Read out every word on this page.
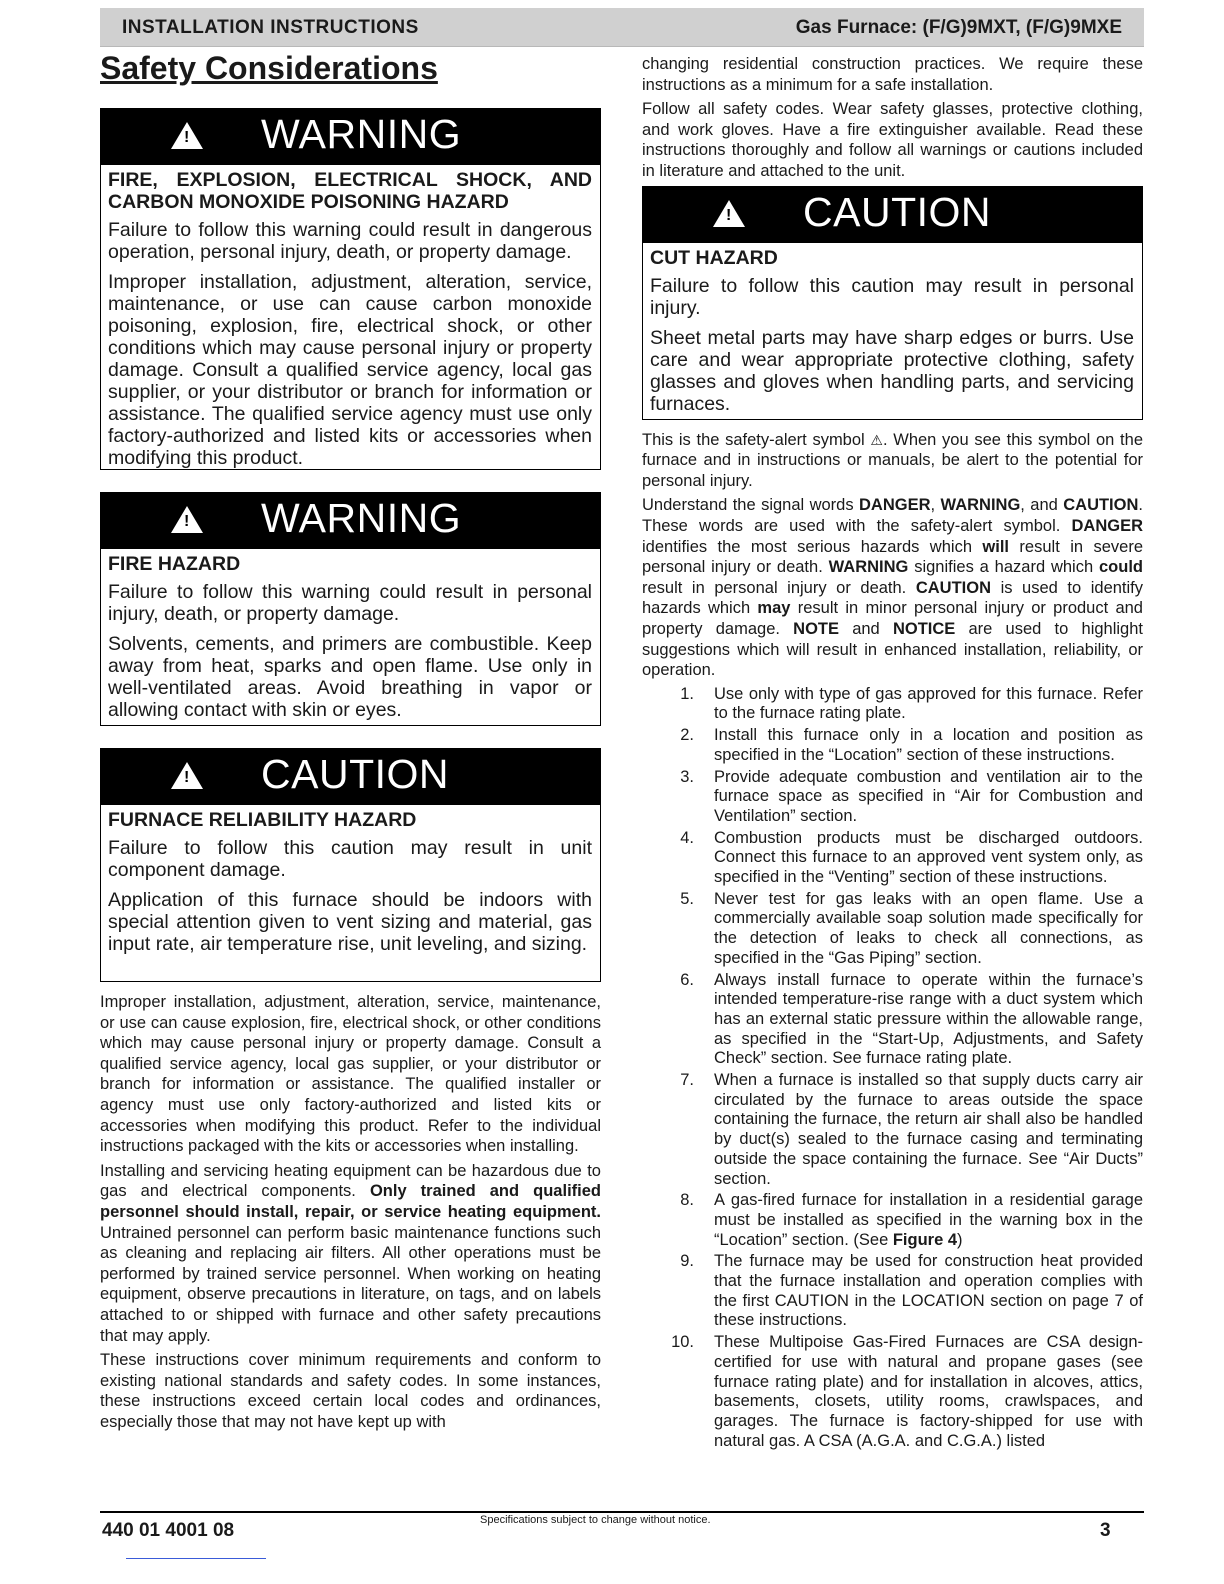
INSTALLATION INSTRUCTIONS	Gas Furnace: (F/G)9MXT, (F/G)9MXE
Safety Considerations
!
WARNING

FIRE, EXPLOSION, ELECTRICAL SHOCK, AND CARBON MONOXIDE POISONING HAZARD

Failure to follow this warning could result in dangerous operation, personal injury, death, or property damage.

Improper installation, adjustment, alteration, service, maintenance, or use can cause carbon monoxide poisoning, explosion, fire, electrical shock, or other conditions which may cause personal injury or property damage. Consult a qualified service agency, local gas supplier, or your distributor or branch for information or assistance. The qualified service agency must use only factory-authorized and listed kits or accessories when modifying this product.

!
WARNING

FIRE HAZARD

Failure to follow this warning could result in personal injury, death, or property damage.

Solvents, cements, and primers are combustible. Keep away from heat, sparks and open flame. Use only in well-ventilated areas. Avoid breathing in vapor or allowing contact with skin or eyes.

!
CAUTION

FURNACE RELIABILITY HAZARD

Failure to follow this caution may result in unit component damage.

Application of this furnace should be indoors with special attention given to vent sizing and material, gas input rate, air temperature rise, unit leveling, and sizing.

Improper installation, adjustment, alteration, service, maintenance, or use can cause explosion, fire, electrical shock, or other conditions which may cause personal injury or property damage. Consult a qualified service agency, local gas supplier, or your distributor or branch for information or assistance. The qualified installer or agency must use only factory-authorized and listed kits or accessories when modifying this product. Refer to the individual instructions packaged with the kits or accessories when installing.

Installing and servicing heating equipment can be hazardous due to gas and electrical components. Only trained and qualified personnel should install, repair, or service heating equipment. Untrained personnel can perform basic maintenance functions such as cleaning and replacing air filters. All other operations must be performed by trained service personnel. When working on heating equipment, observe precautions in literature, on tags, and on labels attached to or shipped with furnace and other safety precautions that may apply.

These instructions cover minimum requirements and conform to existing national standards and safety codes. In some instances, these instructions exceed certain local codes and ordinances, especially those that may not have kept up with

changing residential construction practices. We require these instructions as a minimum for a safe installation.

Follow all safety codes. Wear safety glasses, protective clothing, and work gloves. Have a fire extinguisher available. Read these instructions thoroughly and follow all warnings or cautions included in literature and attached to the unit.

!
CAUTION

CUT HAZARD

Failure to follow this caution may result in personal injury.

Sheet metal parts may have sharp edges or burrs. Use care and wear appropriate protective clothing, safety glasses and gloves when handling parts, and servicing furnaces.

This is the safety-alert symbol ⚠. When you see this symbol on the furnace and in instructions or manuals, be alert to the potential for personal injury.

Understand the signal words DANGER, WARNING, and CAUTION. These words are used with the safety-alert symbol. DANGER identifies the most serious hazards which will result in severe personal injury or death. WARNING signifies a hazard which could result in personal injury or death. CAUTION is used to identify hazards which may result in minor personal injury or product and property damage. NOTE and NOTICE are used to highlight suggestions which will result in enhanced installation, reliability, or operation.

1. Use only with type of gas approved for this furnace. Refer to the furnace rating plate.
2. Install this furnace only in a location and position as specified in the “Location” section of these instructions.
3. Provide adequate combustion and ventilation air to the furnace space as specified in “Air for Combustion and Ventilation” section.
4. Combustion products must be discharged outdoors. Connect this furnace to an approved vent system only, as specified in the “Venting” section of these instructions.
5. Never test for gas leaks with an open flame. Use a commercially available soap solution made specifically for the detection of leaks to check all connections, as specified in the “Gas Piping” section.
6. Always install furnace to operate within the furnace’s intended temperature-rise range with a duct system which has an external static pressure within the allowable range, as specified in the “Start-Up, Adjustments, and Safety Check” section. See furnace rating plate.
7. When a furnace is installed so that supply ducts carry air circulated by the furnace to areas outside the space containing the furnace, the return air shall also be handled by duct(s) sealed to the furnace casing and terminating outside the space containing the furnace. See “Air Ducts” section.
8. A gas-fired furnace for installation in a residential garage must be installed as specified in the warning box in the “Location” section. (See Figure 4)
9. The furnace may be used for construction heat provided that the furnace installation and operation complies with the first CAUTION in the LOCATION section on page 7 of these instructions.
10. These Multipoise Gas-Fired Furnaces are CSA design-certified for use with natural and propane gases (see furnace rating plate) and for installation in alcoves, attics, basements, closets, utility rooms, crawlspaces, and garages. The furnace is factory-shipped for use with natural gas. A CSA (A.G.A. and C.G.A.) listed
440 01 4001 08	Specifications subject to change without notice.	3
